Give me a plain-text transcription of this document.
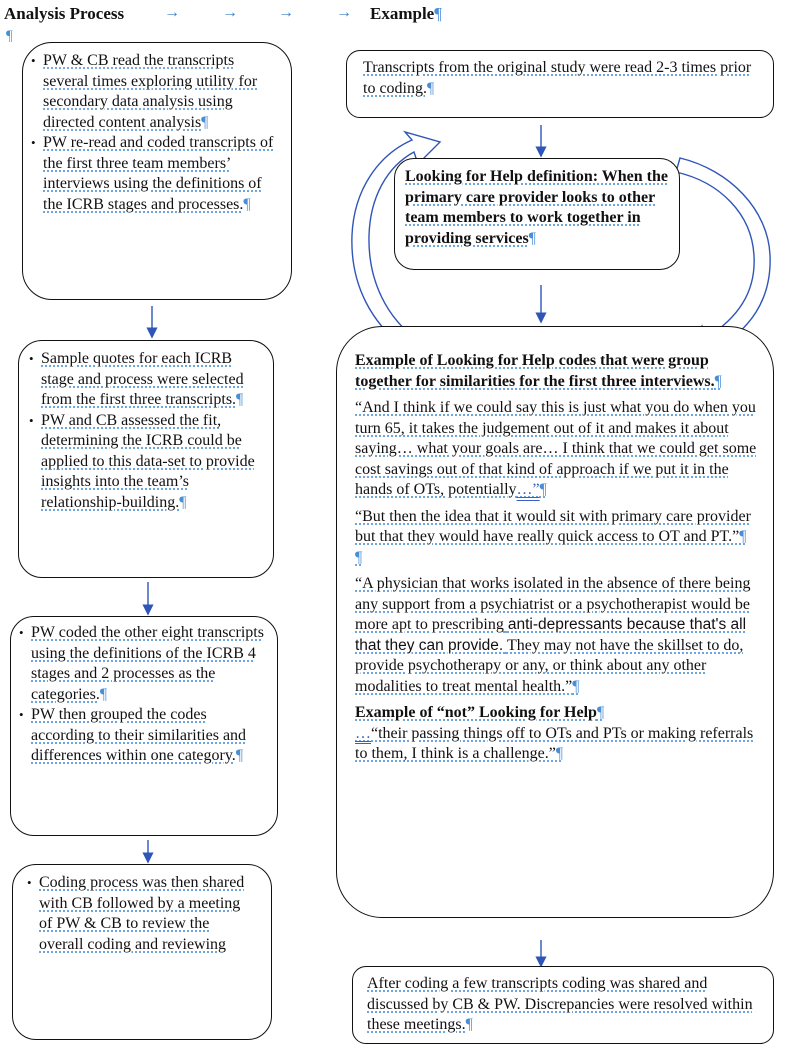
Analysis Process →	→	→	→ Example¶
¶
• PW & CB read the transcripts several times exploring utility for secondary data analysis using directed content analysis¶
• PW re-read and coded transcripts of the first three team members’ interviews using the definitions of the ICRB stages and processes.¶
• Sample quotes for each ICRB stage and process were selected from the first three transcripts.¶
• PW and CB assessed the fit, determining the ICRB could be applied to this data-set to provide insights into the team’s relationship-building.¶
• PW coded the other eight transcripts using the definitions of the ICRB 4 stages and 2 processes as the categories.¶
• PW then grouped the codes according to their similarities and differences within one category.¶
• Coding process was then shared with CB followed by a meeting of PW & CB to review the overall coding and reviewing
Transcripts from the original study were read 2-3 times prior to coding.¶
Looking for Help definition: When the primary care provider looks to other team members to work together in providing services¶
Example of Looking for Help codes that were group together for similarities for the first three interviews.¶
“And I think if we could say this is just what you do when you turn 65, it takes the judgement out of it and makes it about saying… what your goals are… I think that we could get some cost savings out of that kind of approach if we put it in the hands of OTs, potentially…”¶
“But then the idea that it would sit with primary care provider but that they would have really quick access to OT and PT.”¶
¶
“A physician that works isolated in the absence of there being any support from a psychiatrist or a psychotherapist would be more apt to prescribing anti-depressants because that's all that they can provide. They may not have the skillset to do, provide psychotherapy or any, or think about any other modalities to treat mental health.”¶
Example of “not” Looking for Help¶
…“their passing things off to OTs and PTs or making referrals to them, I think is a challenge.”¶
After coding a few transcripts coding was shared and discussed by CB & PW. Discrepancies were resolved within these meetings.¶
